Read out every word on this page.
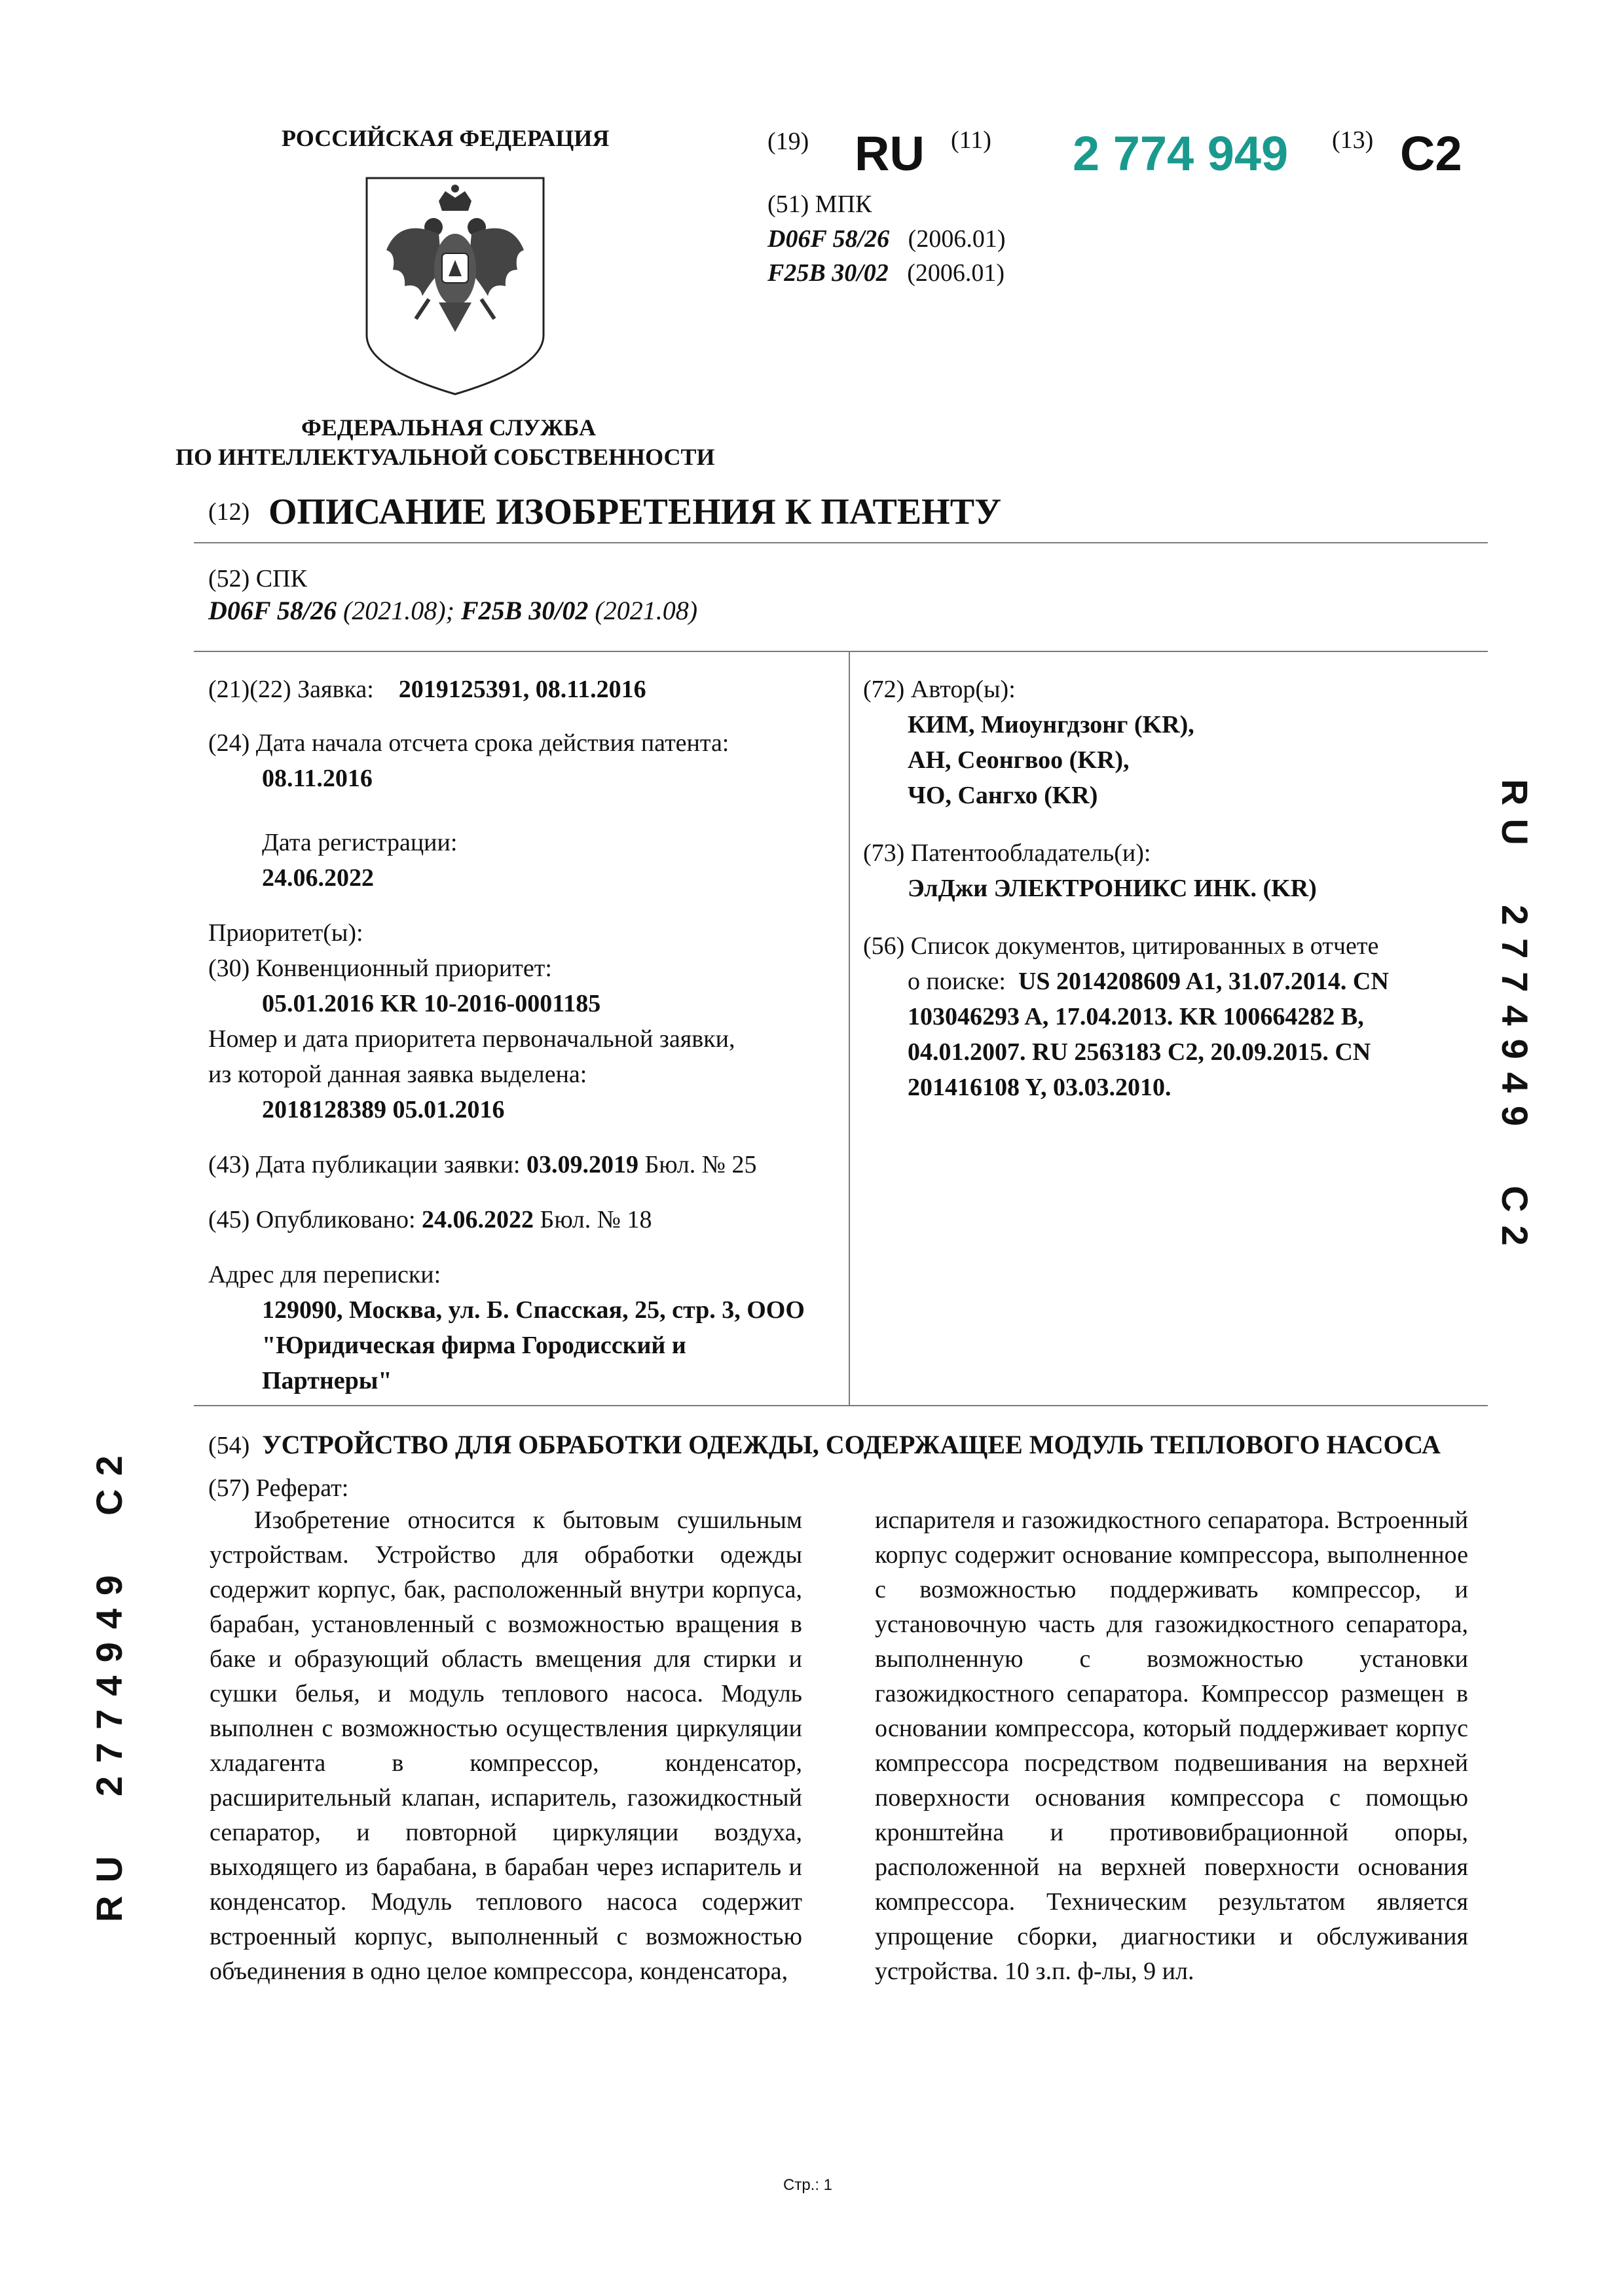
РОССИЙСКАЯ ФЕДЕРАЦИЯ
ФЕДЕРАЛЬНАЯ СЛУЖБА
ПО ИНТЕЛЛЕКТУАЛЬНОЙ СОБСТВЕННОСТИ
(19) RU (11) 2 774 949 (13) C2
(51) МПК
D06F 58/26 (2006.01)
F25B 30/02 (2006.01)
(12) ОПИСАНИЕ ИЗОБРЕТЕНИЯ К ПАТЕНТУ
(52) СПК
D06F 58/26 (2021.08); F25B 30/02 (2021.08)
(21)(22) Заявка: 2019125391, 08.11.2016
(24) Дата начала отсчета срока действия патента:
08.11.2016
Дата регистрации:
24.06.2022
Приоритет(ы):
(30) Конвенционный приоритет:
05.01.2016 KR 10-2016-0001185
Номер и дата приоритета первоначальной заявки,
из которой данная заявка выделена:
2018128389 05.01.2016
(43) Дата публикации заявки: 03.09.2019 Бюл. № 25
(45) Опубликовано: 24.06.2022 Бюл. № 18
Адрес для переписки:
129090, Москва, ул. Б. Спасская, 25, стр. 3, ООО
"Юридическая фирма Городисский и
Партнеры"
(72) Автор(ы):
КИМ, Миоунгдзонг (KR),
АН, Сеонгвоо (KR),
ЧО, Сангхо (KR)
(73) Патентообладатель(и):
ЭлДжи ЭЛЕКТРОНИКС ИНК. (KR)
(56) Список документов, цитированных в отчете
о поиске: US 2014208609 A1, 31.07.2014. CN
103046293 A, 17.04.2013. KR 100664282 B,
04.01.2007. RU 2563183 C2, 20.09.2015. CN
201416108 Y, 03.03.2010.
(54) УСТРОЙСТВО ДЛЯ ОБРАБОТКИ ОДЕЖДЫ, СОДЕРЖАЩЕЕ МОДУЛЬ ТЕПЛОВОГО НАСОСА
(57) Реферат:

Изобретение относится к бытовым сушильным устройствам. Устройство для обработки одежды содержит корпус, бак, расположенный внутри корпуса, барабан, установленный с возможностью вращения в баке и образующий область вмещения для стирки и сушки белья, и модуль теплового насоса. Модуль выполнен с возможностью осуществления циркуляции хладагента в компрессор, конденсатор, расширительный клапан, испаритель, газожидкостный сепаратор, и повторной циркуляции воздуха, выходящего из барабана, в барабан через испаритель и конденсатор. Модуль теплового насоса содержит встроенный корпус, выполненный с возможностью объединения в одно целое компрессора, конденсатора,

испарителя и газожидкостного сепаратора. Встроенный корпус содержит основание компрессора, выполненное с возможностью поддерживать компрессор, и установочную часть для газожидкостного сепаратора, выполненную с возможностью установки газожидкостного сепаратора. Компрессор размещен в основании компрессора, который поддерживает корпус компрессора посредством подвешивания на верхней поверхности основания компрессора с помощью кронштейна и противовибрационной опоры, расположенной на верхней поверхности основания компрессора. Техническим результатом является упрощение сборки, диагностики и обслуживания устройства. 10 з.п. ф-лы, 9 ил.

RU  2774949  C2
RU  2774949  C2
Стр.: 1
